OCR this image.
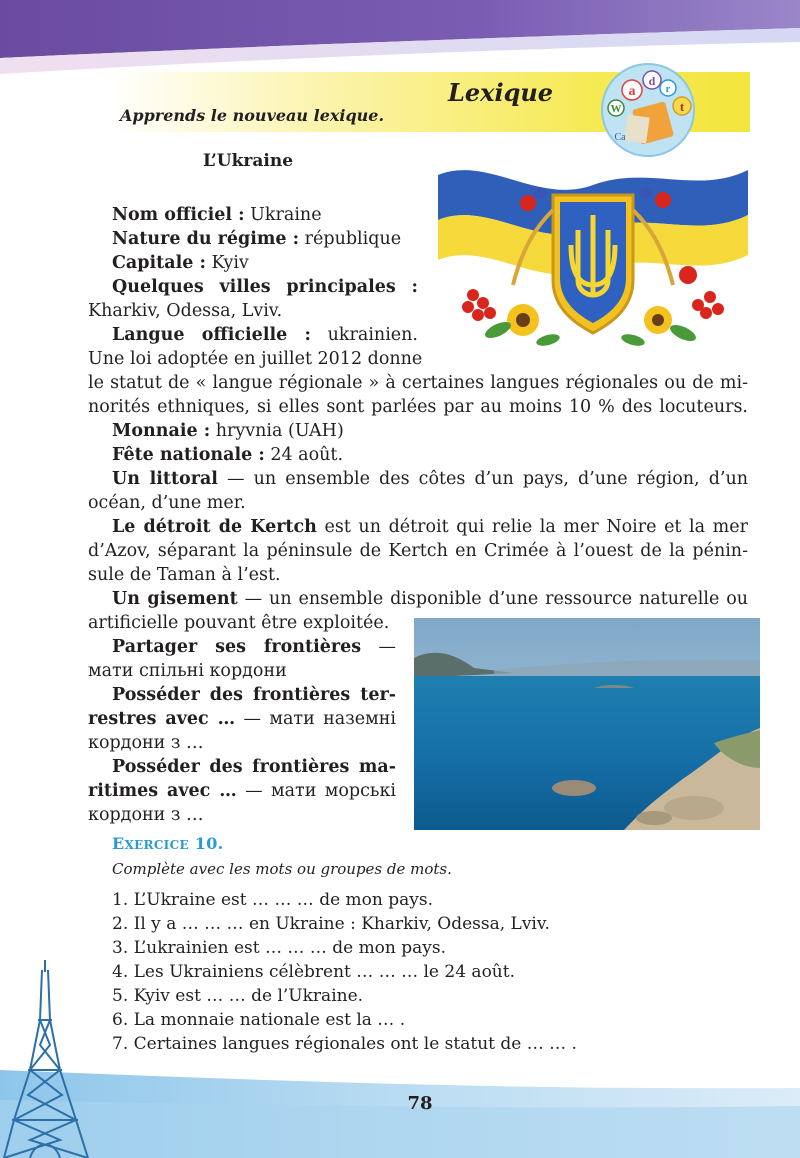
Lexique
Apprends le nouveau lexique.
a
d
r
t
W
Ca
L’Ukraine

Nom officiel : Ukraine

Nature du régime : république

Capitale : Kyiv

Quelques villes principales :

Kharkiv, Odessa, Lviv.

Langue officielle : ukrainien.

Une loi adoptée en juillet 2012 donne

le statut de « langue régionale » à certaines langues régionales ou de mi-

norités ethniques, si elles sont parlées par au moins 10 % des locuteurs.

Monnaie : hryvnia (UAH)

Fête nationale : 24 août.

Un littoral — un ensemble des côtes d’un pays, d’une région, d’un

océan, d’une mer.

Le détroit de Kertch est un détroit qui relie la mer Noire et la mer

d’Azov, séparant la péninsule de Kertch en Crimée à l’ouest de la pénin-

sule de Taman à l’est.

Un gisement — un ensemble disponible d’une ressource naturelle ou

artificielle pouvant être exploitée.

Partager ses frontières —

мати спільні кордони

Posséder des frontières ter-

restres avec … — мати наземні

кордони з …

Posséder des frontières ma-

ritimes avec … — мати морські

кордони з …

EXERCICE 10.
Complète avec les mots ou groupes de mots.
1. L’Ukraine est … … … de mon pays.
2. Il y a … … … en Ukraine : Kharkiv, Odessa, Lviv.
3. L’ukrainien est … … … de mon pays.
4. Les Ukrainiens célèbrent … … … le 24 août.
5. Kyiv est … … de l’Ukraine.
6. La monnaie nationale est la … .
7. Certaines langues régionales ont le statut de … … .
78
